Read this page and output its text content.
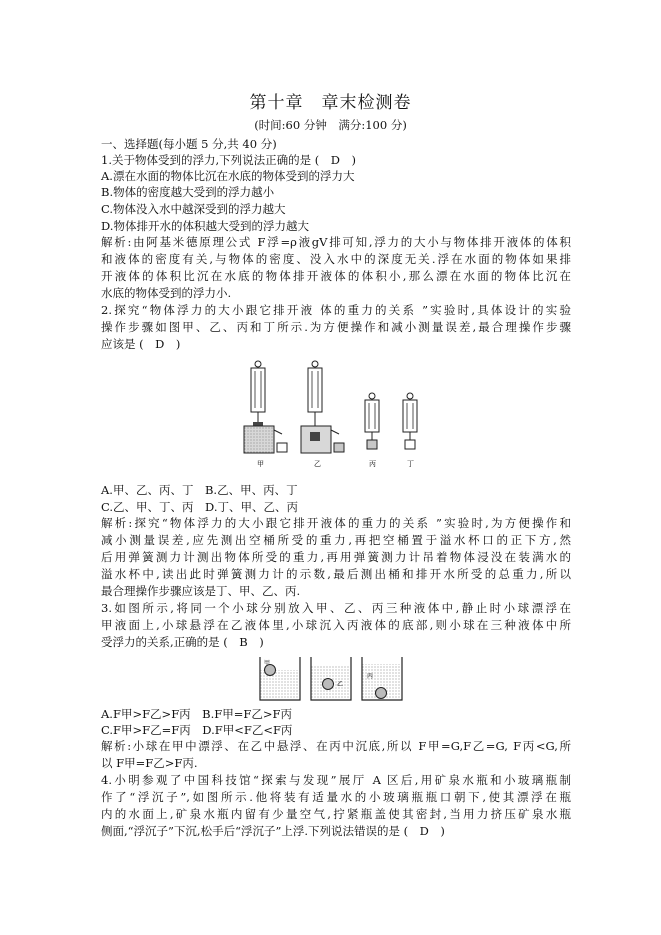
第十章　章末检测卷
(时间:60 分钟　满分:100 分)
一、选择题(每小题 5 分,共 40 分)
1.关于物体受到的浮力,下列说法正确的是 (　D　)
A.漂在水面的物体比沉在水底的物体受到的浮力大
B.物体的密度越大受到的浮力越小
C.物体没入水中越深受到的浮力越大
D.物体排开水的体积越大受到的浮力越大
解析:由阿基米德原理公式 F浮=ρ液gV排可知,浮力的大小与物体排开液体的体积
和液体的密度有关,与物体的密度、没入水中的深度无关.浮在水面的物体如果排
开液体的体积比沉在水底的物体排开液体的体积小,那么漂在水面的物体比沉在
水底的物体受到的浮力小.
2.探究“物体浮力的大小跟它排开液 体的重力的关系 ”实验时,具体设计的实验
操作步骤如图甲、乙、丙和丁所示.为方便操作和减小测量误差,最合理操作步骤
应该是 (　D　)
甲	乙	丙	丁
A.甲、乙、丙、丁　B.乙、甲、丙、丁
C.乙、甲、丁、丙　D.丁、甲、乙、丙
解析:探究“物体浮力的大小跟它排开液体的重力的关系 ”实验时,为方便操作和
减小测量误差,应先测出空桶所受的重力,再把空桶置于溢水杯口的正下方,然
后用弹簧测力计测出物体所受的重力,再用弹簧测力计吊着物体浸没在装满水的
溢水杯中,读出此时弹簧测力计的示数,最后测出桶和排开水所受的总重力,所以
最合理操作步骤应该是丁、甲、乙、丙.
3.如图所示,将同一个小球分别放入甲、乙、丙三种液体中,静止时小球漂浮在
甲液面上,小球悬浮在乙液体里,小球沉入丙液体的底部,则小球在三种液体中所
受浮力的关系,正确的是 (　B　)
甲
乙
丙
A.F甲>F乙>F丙　B.F甲=F乙>F丙
C.F甲>F乙=F丙　D.F甲<F乙<F丙
解析:小球在甲中漂浮、在乙中悬浮、在丙中沉底,所以 F甲=G,F乙=G, F丙<G,所
以 F甲=F乙>F丙.
4.小明参观了中国科技馆“探索与发现”展厅 A 区后,用矿泉水瓶和小玻璃瓶制
作了“浮沉子”,如图所示.他将装有适量水的小玻璃瓶瓶口朝下,使其漂浮在瓶
内的水面上,矿泉水瓶内留有少量空气,拧紧瓶盖使其密封,当用力挤压矿泉水瓶
侧面,“浮沉子”下沉,松手后“浮沉子”上浮.下列说法错误的是 (　D　)
